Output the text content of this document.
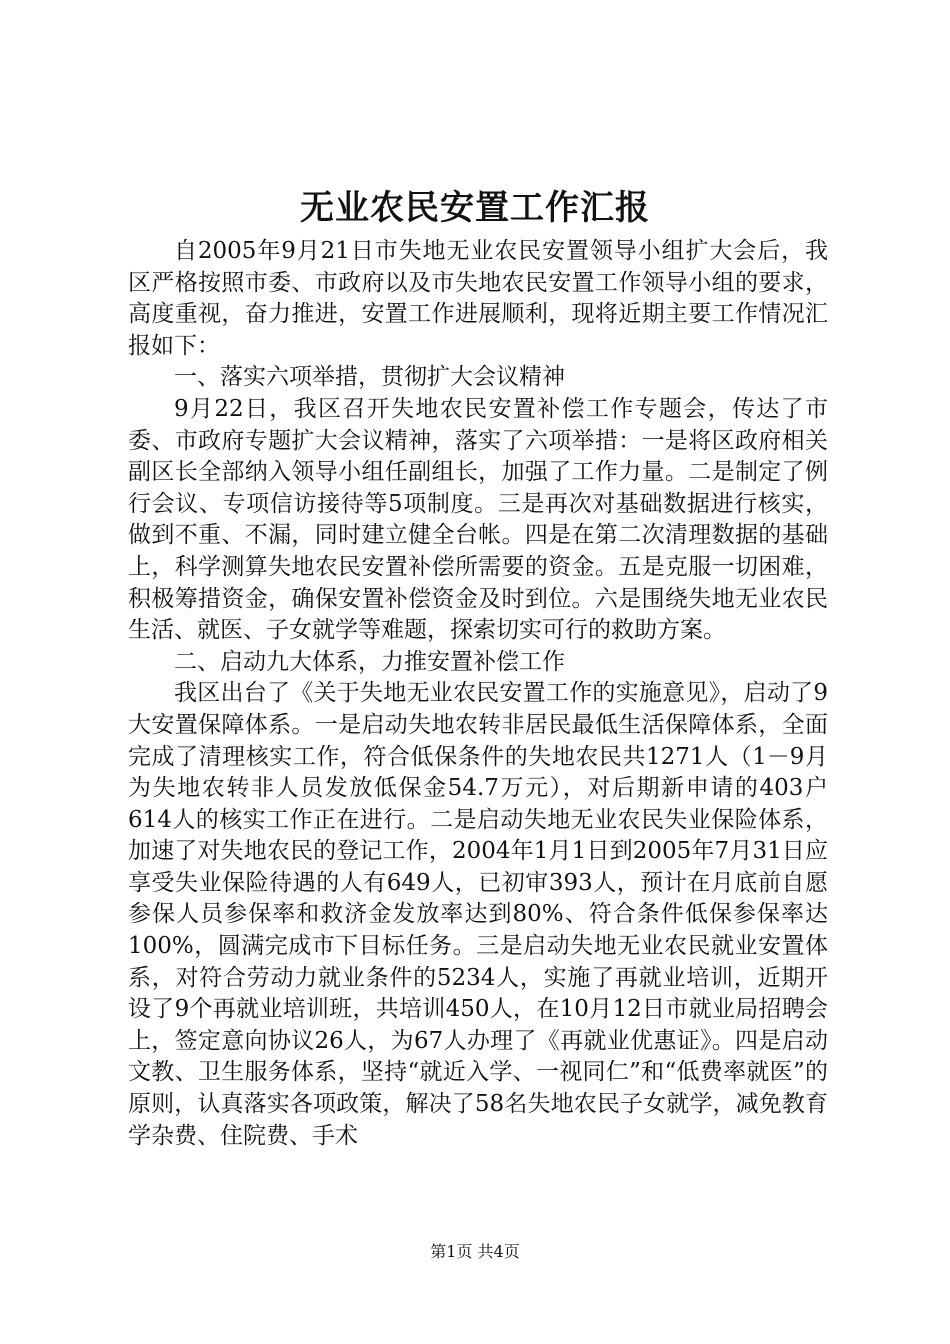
无业农民安置工作汇报

自2005年9月21日市失地无业农民安置领导小组扩大会后，我区严格按照市委、市政府以及市失地农民安置工作领导小组的要求，高度重视，奋力推进，安置工作进展顺利，现将近期主要工作情况汇报如下：

一、落实六项举措，贯彻扩大会议精神

9月22日，我区召开失地农民安置补偿工作专题会，传达了市委、市政府专题扩大会议精神，落实了六项举措：一是将区政府相关副区长全部纳入领导小组任副组长，加强了工作力量。二是制定了例行会议、专项信访接待等5项制度。三是再次对基础数据进行核实，做到不重、不漏，同时建立健全台帐。四是在第二次清理数据的基础上，科学测算失地农民安置补偿所需要的资金。五是克服一切困难，积极筹措资金，确保安置补偿资金及时到位。六是围绕失地无业农民生活、就医、子女就学等难题，探索切实可行的救助方案。

二、启动九大体系，力推安置补偿工作

我区出台了《关于失地无业农民安置工作的实施意见》，启动了9大安置保障体系。一是启动失地农转非居民最低生活保障体系，全面完成了清理核实工作，符合低保条件的失地农民共1271人（1－9月为失地农转非人员发放低保金54.7万元），对后期新申请的403户614人的核实工作正在进行。二是启动失地无业农民失业保险体系，加速了对失地农民的登记工作，2004年1月1日到2005年7月31日应享受失业保险待遇的人有649人，已初审393人，预计在月底前自愿参保人员参保率和救济金发放率达到80%、符合条件低保参保率达100%，圆满完成市下目标任务。三是启动失地无业农民就业安置体系，对符合劳动力就业条件的5234人，实施了再就业培训，近期开设了9个再就业培训班，共培训450人，在10月12日市就业局招聘会上，签定意向协议26人，为67人办理了《再就业优惠证》。四是启动文教、卫生服务体系，坚持“就近入学、一视同仁”和“低费率就医”的原则，认真落实各项政策，解决了58名失地农民子女就学，减免教育学杂费、住院费、手术

第1页 共4页
